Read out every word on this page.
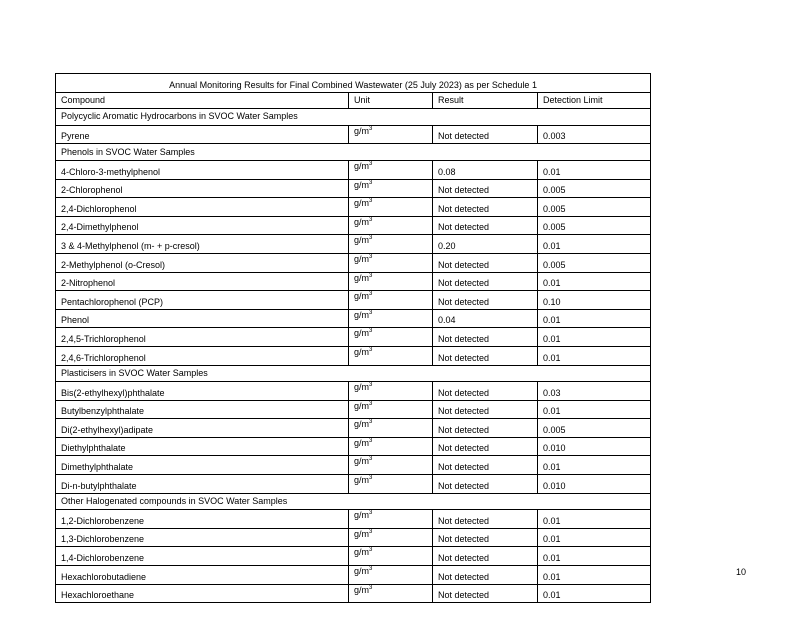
Annual Monitoring Results for Final Combined Wastewater (25 July 2023) as per Schedule 1			
Compound	Unit	Result	Detection Limit
Polycyclic Aromatic Hydrocarbons in SVOC Water Samples			
Pyrene	$g/m^3$	Not detected	0.003
Phenols in SVOC Water Samples			
4-Chloro-3-methylphenol	$g/m^3$	0.08	0.01
2-Chlorophenol	$g/m^3$	Not detected	0.005
2,4-Dichlorophenol	$g/m^3$	Not detected	0.005
2,4-Dimethylphenol	$g/m^3$	Not detected	0.005
3 & 4-Methylphenol (m- + p-cresol)	$g/m^3$	0.20	0.01
2-Methylphenol (o-Cresol)	$g/m^3$	Not detected	0.005
2-Nitrophenol	$g/m^3$	Not detected	0.01
Pentachlorophenol (PCP)	$g/m^3$	Not detected	0.10
Phenol	$g/m^3$	0.04	0.01
2,4,5-Trichlorophenol	$g/m^3$	Not detected	0.01
2,4,6-Trichlorophenol	$g/m^3$	Not detected	0.01
Plasticisers in SVOC Water Samples			
Bis(2-ethylhexyl)phthalate	$g/m^3$	Not detected	0.03
Butylbenzylphthalate	$g/m^3$	Not detected	0.01
Di(2-ethylhexyl)adipate	$g/m^3$	Not detected	0.005
Diethylphthalate	$g/m^3$	Not detected	0.010
Dimethylphthalate	$g/m^3$	Not detected	0.01
Di-n-butylphthalate	$g/m^3$	Not detected	0.010
Other Halogenated compounds in SVOC Water Samples			
1,2-Dichlorobenzene	$g/m^3$	Not detected	0.01
1,3-Dichlorobenzene	$g/m^3$	Not detected	0.01
1,4-Dichlorobenzene	$g/m^3$	Not detected	0.01
Hexachlorobutadiene	$g/m^3$	Not detected	0.01
Hexachloroethane	$g/m^3$	Not detected	0.01
10
